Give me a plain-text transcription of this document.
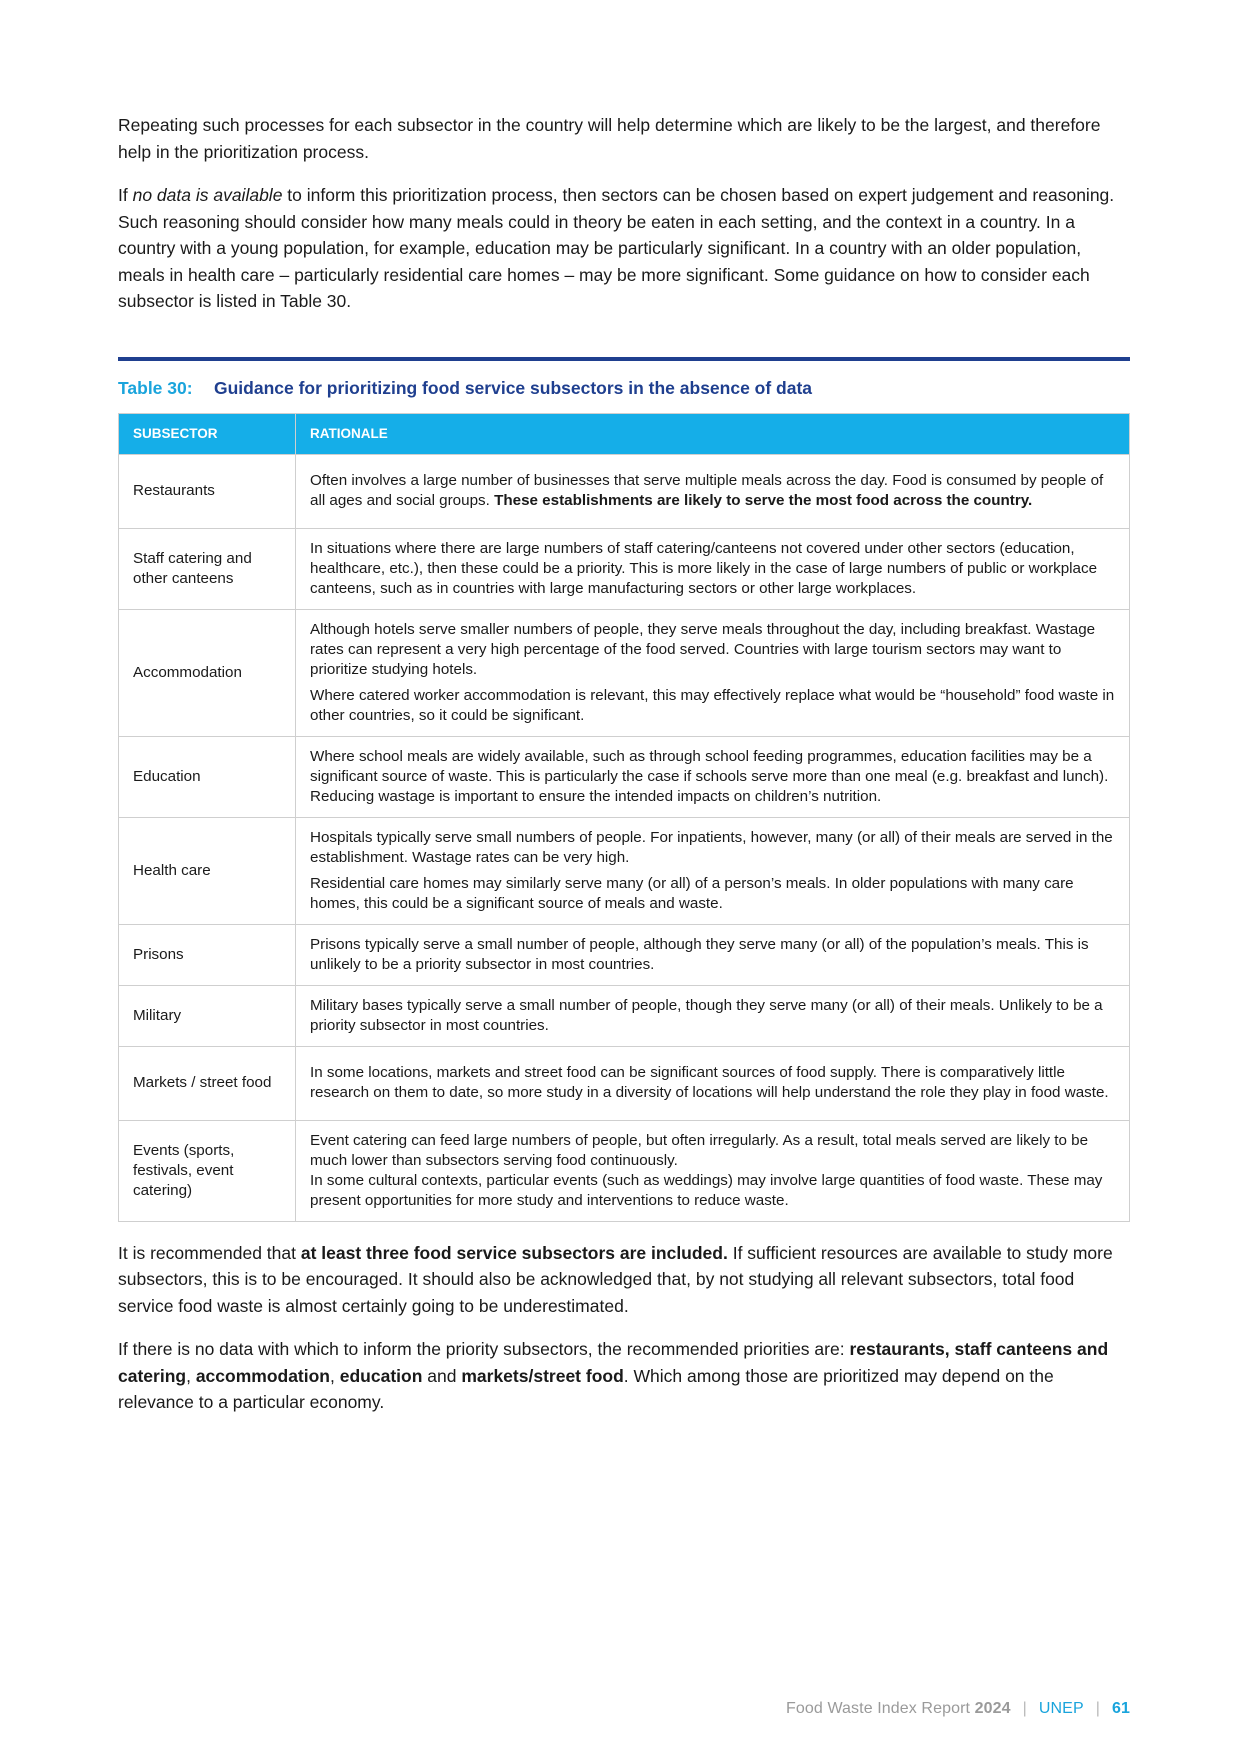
Repeating such processes for each subsector in the country will help determine which are likely to be the largest, and therefore help in the prioritization process.

If no data is available to inform this prioritization process, then sectors can be chosen based on expert judgement and reasoning. Such reasoning should consider how many meals could in theory be eaten in each setting, and the context in a country. In a country with a young population, for example, education may be particularly significant. In a country with an older population, meals in health care – particularly residential care homes – may be more significant. Some guidance on how to consider each subsector is listed in Table 30.

Table 30: Guidance for prioritizing food service subsectors in the absence of data
SUBSECTOR	RATIONALE
Restaurants	Often involves a large number of businesses that serve multiple meals across the day. Food is consumed by people of all ages and social groups. These establishments are likely to serve the most food across the country.

Staff catering and other canteens	In situations where there are large numbers of staff catering/canteens not covered under other sectors (education, healthcare, etc.), then these could be a priority. This is more likely in the case of large numbers of public or workplace canteens, such as in countries with large manufacturing sectors or other large workplaces.

Accommodation	Although hotels serve smaller numbers of people, they serve meals throughout the day, including breakfast. Wastage rates can represent a very high percentage of the food served. Countries with large tourism sectors may want to prioritize studying hotels.

Where catered worker accommodation is relevant, this may effectively replace what would be “household” food waste in other countries, so it could be significant.

Education	Where school meals are widely available, such as through school feeding programmes, education facilities may be a significant source of waste. This is particularly the case if schools serve more than one meal (e.g. breakfast and lunch). Reducing wastage is important to ensure the intended impacts on children’s nutrition.

Health care	Hospitals typically serve small numbers of people. For inpatients, however, many (or all) of their meals are served in the establishment. Wastage rates can be very high.

Residential care homes may similarly serve many (or all) of a person’s meals. In older populations with many care homes, this could be a significant source of meals and waste.

Prisons	Prisons typically serve a small number of people, although they serve many (or all) of the population’s meals. This is unlikely to be a priority subsector in most countries.

Military	Military bases typically serve a small number of people, though they serve many (or all) of their meals. Unlikely to be a priority subsector in most countries.

Markets / street food	In some locations, markets and street food can be significant sources of food supply. There is comparatively little research on them to date, so more study in a diversity of locations will help understand the role they play in food waste.

Events (sports, festivals, event catering)	Event catering can feed large numbers of people, but often irregularly. As a result, total meals served are likely to be much lower than subsectors serving food continuously.

In some cultural contexts, particular events (such as weddings) may involve large quantities of food waste. These may present opportunities for more study and interventions to reduce waste.

It is recommended that at least three food service subsectors are included. If sufficient resources are available to study more subsectors, this is to be encouraged. It should also be acknowledged that, by not studying all relevant subsectors, total food service food waste is almost certainly going to be underestimated.

If there is no data with which to inform the priority subsectors, the recommended priorities are: restaurants, staff canteens and catering, accommodation, education and markets/street food. Which among those are prioritized may depend on the relevance to a particular economy.

Food Waste Index Report 2024 | UNEP | 61
